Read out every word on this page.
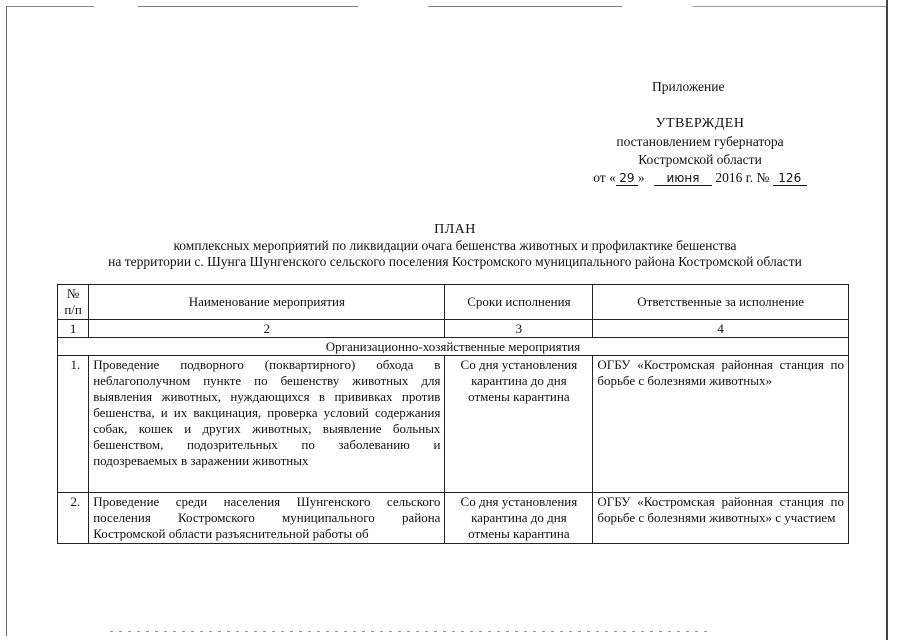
Приложение
УТВЕРЖДЕН
постановлением губернатора
Костромской области
от « 29 » июня 2016 г. № 126
ПЛАН
комплексных мероприятий по ликвидации очага бешенства животных и профилактике бешенства
на территории с. Шунга Шунгенского сельского поселения Костромского муниципального района Костромской области
№ п/п	Наименование мероприятия	Сроки исполнения	Ответственные за исполнение
1	2	3	4
Организационно-хозяйственные мероприятия			
1.	Проведение подворного (поквартирного) обхода в неблагополучном пункте по бешенству животных для выявления животных, нуждающихся в прививках против бешенства, и их вакцинация, проверка условий содержания собак, кошек и других животных, выявление больных бешенством, подозрительных по заболеванию и подозреваемых в заражении животных	Со дня установления карантина до дня отмены карантина	ОГБУ «Костромская районная станция по борьбе с болезнями животных»
2.	Проведение среди населения Шунгенского сельского поселения Костромского муниципального района Костромской области разъяснительной работы об	Со дня установления карантина до дня отмены карантина	ОГБУ «Костромская районная станция по борьбе с болезнями животных» с участием
